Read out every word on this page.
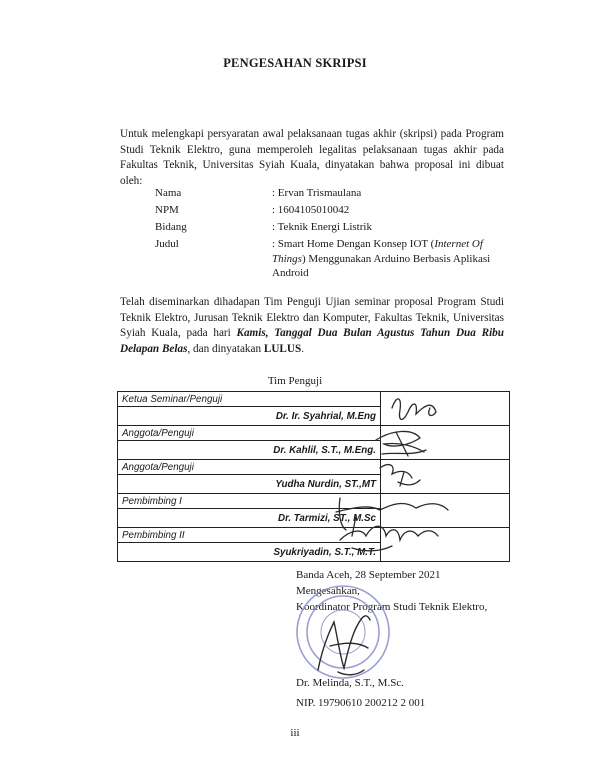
PENGESAHAN SKRIPSI
Untuk melengkapi persyaratan awal pelaksanaan tugas akhir (skripsi) pada Program Studi Teknik Elektro, guna memperoleh legalitas pelaksanaan tugas akhir pada Fakultas Teknik, Universitas Syiah Kuala, dinyatakan bahwa proposal ini dibuat oleh:
Nama	: Ervan Trismaulana
NPM	: 1604105010042
Bidang	: Teknik Energi Listrik
Judul	: Smart Home Dengan Konsep IOT (Internet Of Things) Menggunakan Arduino Berbasis Aplikasi Android
Telah diseminarkan dihadapan Tim Penguji Ujian seminar proposal Program Studi Teknik Elektro, Jurusan Teknik Elektro dan Komputer, Fakultas Teknik, Universitas Syiah Kuala, pada hari Kamis, Tanggal Dua Bulan Agustus Tahun Dua Ribu Delapan Belas, dan dinyatakan LULUS.
Tim Penguji
Ketua Seminar/Penguji	
Dr. Ir. Syahrial, M.Eng	
Anggota/Penguji	
Dr. Kahlil, S.T., M.Eng.	
Anggota/Penguji	
Yudha Nurdin, ST.,MT	
Pembimbing I	
Dr. Tarmizi, ST., M.Sc	
Pembimbing II	
Syukriyadin, S.T., M.T.	
Banda Aceh, 28 September 2021
Mengesahkan,
Koordinator Program Studi Teknik Elektro,
Dr. Melinda, S.T., M.Sc.
NIP. 19790610 200212 2 001
iii
